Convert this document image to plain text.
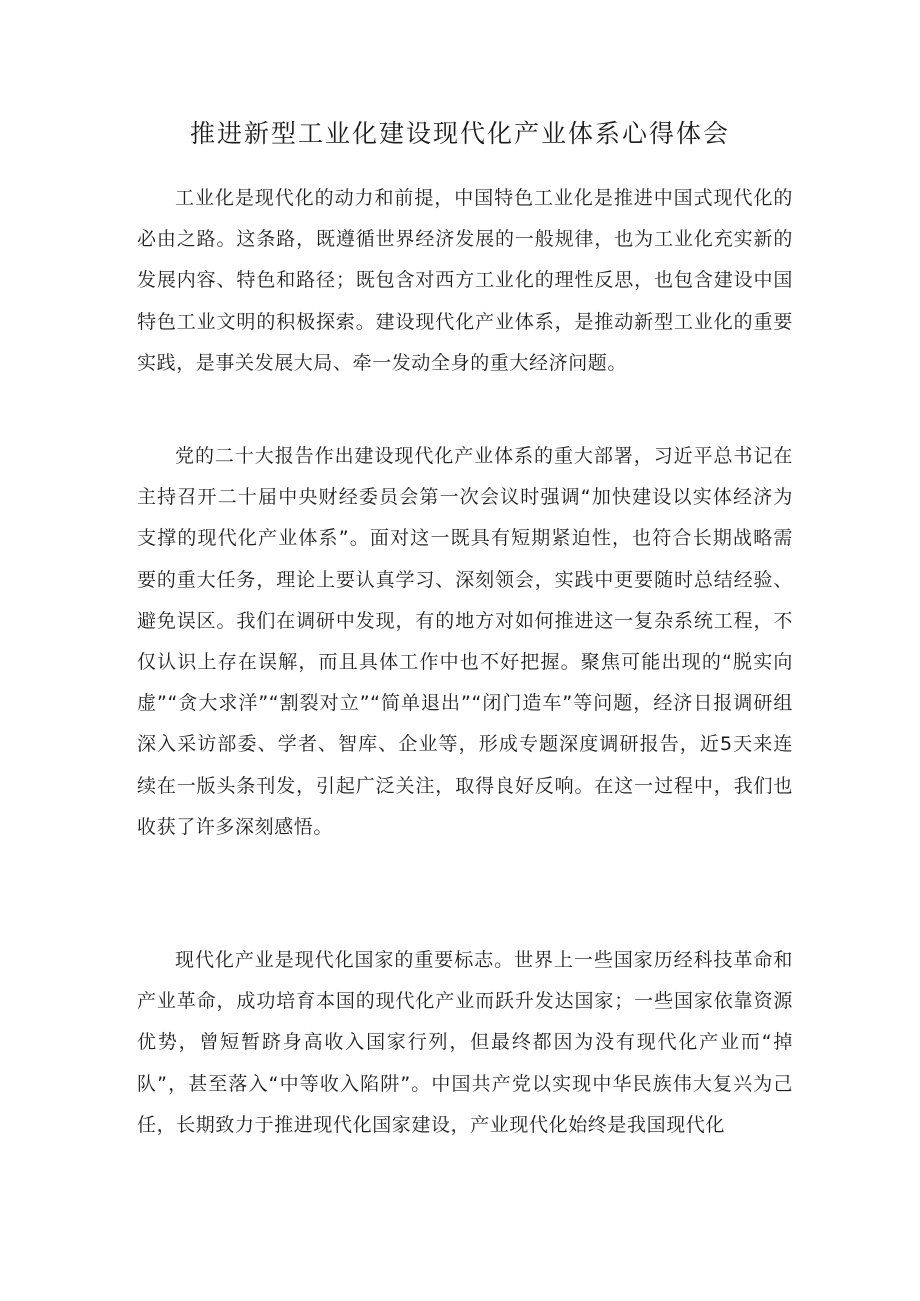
推进新型工业化建设现代化产业体系心得体会

工业化是现代化的动力和前提，中国特色工业化是推进中国式现代化的必由之路。这条路，既遵循世界经济发展的一般规律，也为工业化充实新的发展内容、特色和路径；既包含对西方工业化的理性反思，也包含建设中国特色工业文明的积极探索。建设现代化产业体系，是推动新型工业化的重要实践，是事关发展大局、牵一发动全身的重大经济问题。

党的二十大报告作出建设现代化产业体系的重大部署，习近平总书记在主持召开二十届中央财经委员会第一次会议时强调“加快建设以实体经济为支撑的现代化产业体系”。面对这一既具有短期紧迫性，也符合长期战略需要的重大任务，理论上要认真学习、深刻领会，实践中更要随时总结经验、避免误区。我们在调研中发现，有的地方对如何推进这一复杂系统工程，不仅认识上存在误解，而且具体工作中也不好把握。聚焦可能出现的“脱实向虚”“贪大求洋”“割裂对立”“简单退出”“闭门造车”等问题，经济日报调研组深入采访部委、学者、智库、企业等，形成专题深度调研报告，近5天来连续在一版头条刊发，引起广泛关注，取得良好反响。在这一过程中，我们也收获了许多深刻感悟。

现代化产业是现代化国家的重要标志。世界上一些国家历经科技革命和产业革命，成功培育本国的现代化产业而跃升发达国家；一些国家依靠资源优势，曾短暂跻身高收入国家行列，但最终都因为没有现代化产业而“掉队”，甚至落入“中等收入陷阱”。中国共产党以实现中华民族伟大复兴为己任，长期致力于推进现代化国家建设，产业现代化始终是我国现代化
